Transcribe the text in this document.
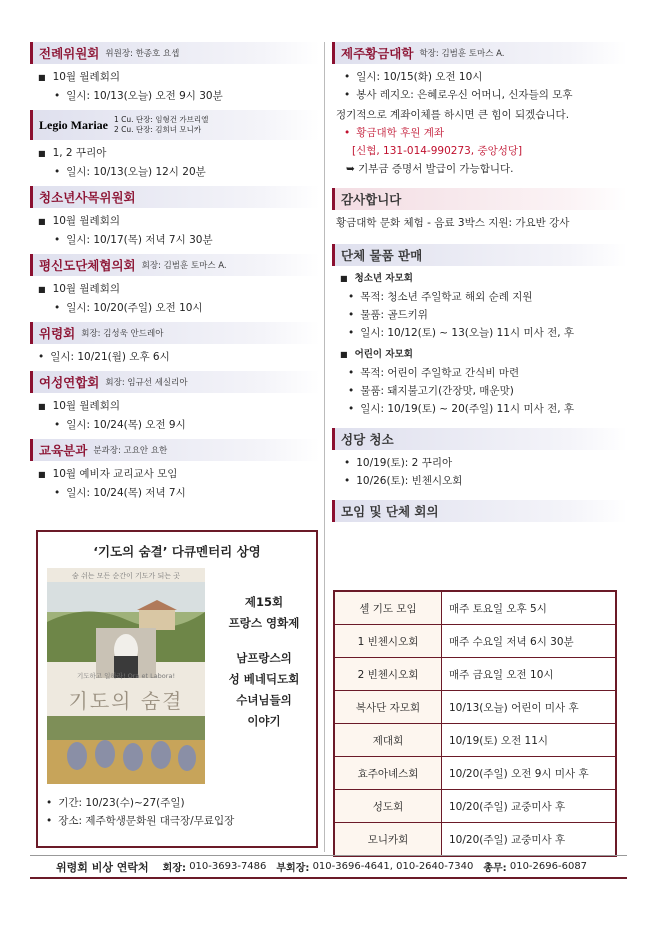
전례위원회 위원장: 한종호 요셉
■ 10월 월례회의
• 일시: 10/13(오늘) 오전 9시 30분
Legio Mariae 1 Cu. 단장: 임형건 가브리엘
2 Cu. 단장: 김희녀 모니카
■ 1, 2 꾸리아
• 일시: 10/13(오늘) 12시 20분
청소년사목위원회
■ 10월 월례회의
• 일시: 10/17(목) 저녁 7시 30분
평신도단체협의회 회장: 김범훈 토마스 A.
■ 10월 월례회의
• 일시: 10/20(주일) 오전 10시
위령회 회장: 김성욱 안드레아
• 일시: 10/21(월) 오후 6시
여성연합회 회장: 임규선 세실리아
■ 10월 월례회의
• 일시: 10/24(목) 오전 9시
교육분과 분과장: 고요안 요한
■ 10월 예비자 교리교사 모임
• 일시: 10/24(목) 저녁 7시
‘기도의 숨결’ 다큐멘터리 상영
숨 쉬는 모든 순간이 기도가 되는 곳
기도하고 일하라! Ora et Labora!
기도의 숨결
제15회
프랑스 영화제
남프랑스의
성 베네딕도회
수녀님들의
이야기
• 기간: 10/23(수)~27(주일)
• 장소: 제주학생문화원 대극장/무료입장
제주황금대학 학장: 김범훈 토마스 A.
• 일시: 10/15(화) 오전 10시
• 봉사 레지오: 은혜로우신 어머니, 신자들의 모후
정기적으로 계좌이체를 하시면 큰 힘이 되겠습니다.
• 황금대학 후원 계좌
[신협, 131-014-990273, 중앙성당]
➥ 기부금 증명서 발급이 가능합니다.
감사합니다
황금대학 문화 체험 - 음료 3박스 지원: 가요반 강사
단체 물품 판매
■ 청소년 자모회
• 목적: 청소년 주일학교 해외 순례 지원
• 물품: 골드키위
• 일시: 10/12(토) ~ 13(오늘) 11시 미사 전, 후
■ 어린이 자모회
• 목적: 어린이 주일학교 간식비 마련
• 물품: 돼지불고기(간장맛, 매운맛)
• 일시: 10/19(토) ~ 20(주일) 11시 미사 전, 후
성당 청소
• 10/19(토): 2 꾸리아
• 10/26(토): 빈첸시오회
모임 및 단체 회의
셀 기도 모임	매주 토요일 오후 5시
1 빈첸시오회	매주 수요일 저녁 6시 30분
2 빈첸시오회	매주 금요일 오전 10시
복사단 자모회	10/13(오늘) 어린이 미사 후
제대회	10/19(토) 오전 11시
효주아녜스회	10/20(주일) 오전 9시 미사 후
성도회	10/20(주일) 교중미사 후
모니카회	10/20(주일) 교중미사 후
위령회 비상 연락처 회장:
010-3693-7486 부회장:
010-3696-4641, 010-2640-7340 총무:
010-2696-6087
